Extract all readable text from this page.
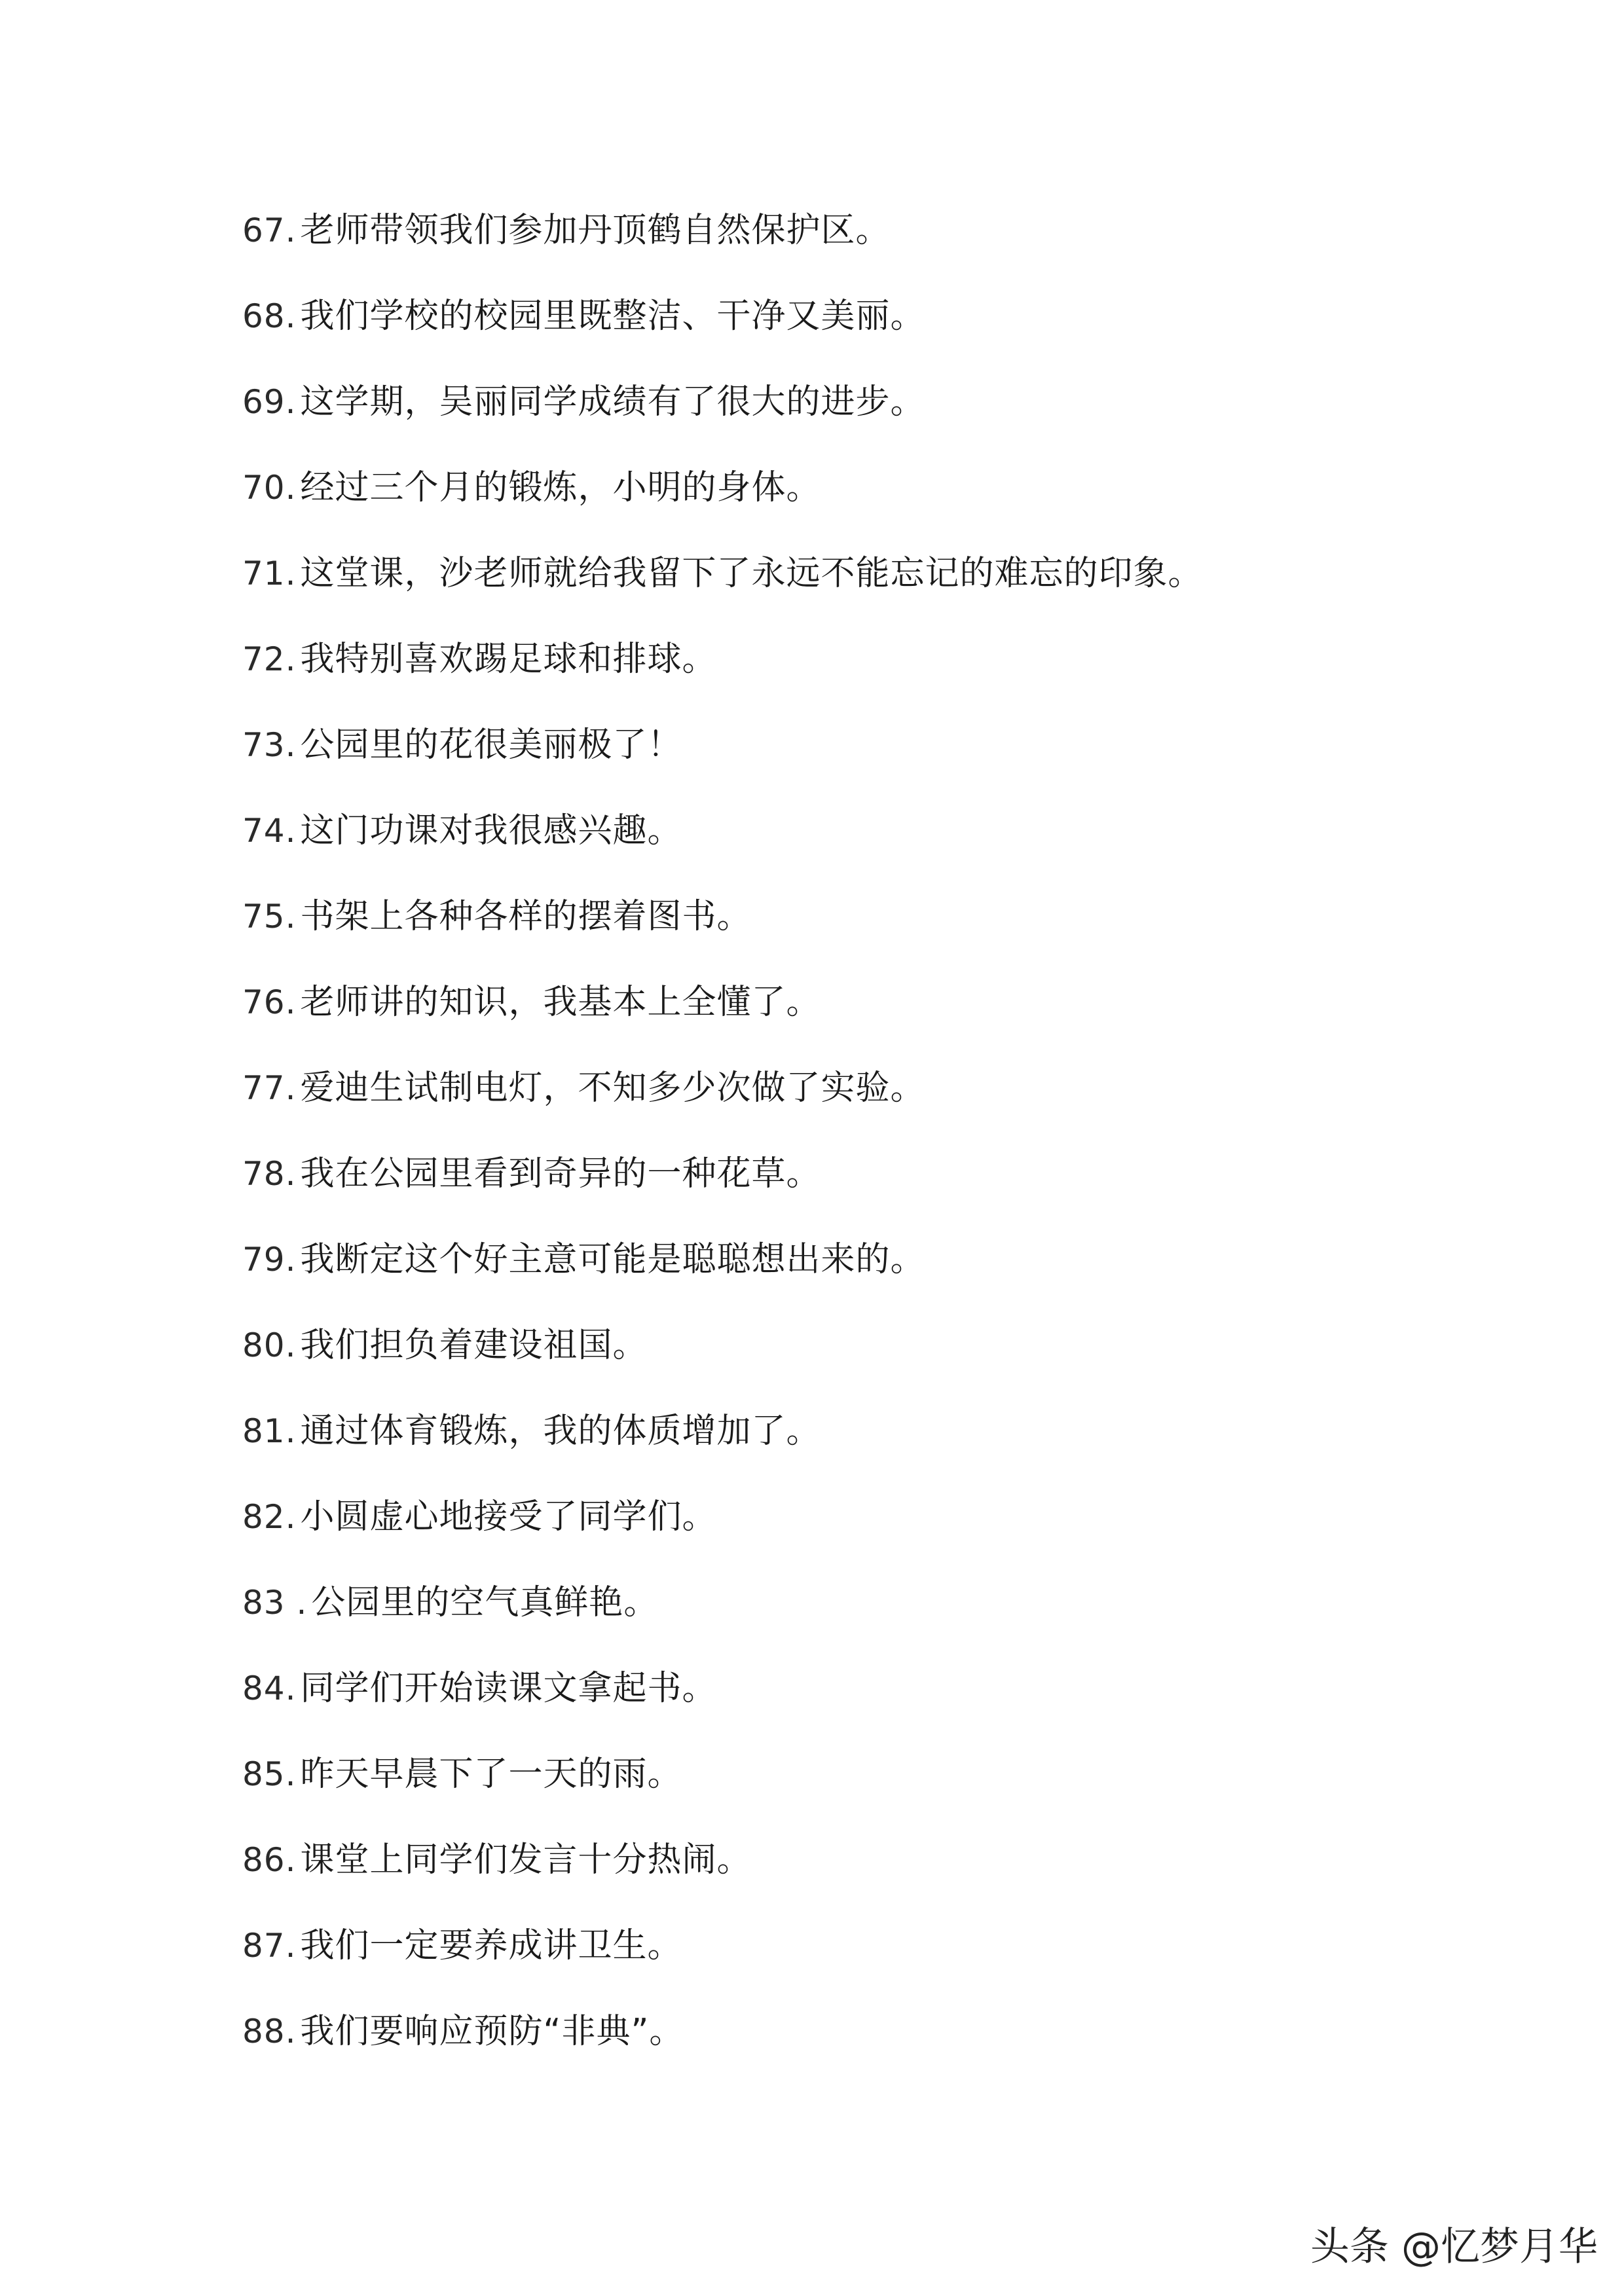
67. 老师带领我们参加丹顶鹤自然保护区。
68. 我们学校的校园里既整洁、干净又美丽。
69. 这学期，吴丽同学成绩有了很大的进步。
70. 经过三个月的锻炼，小明的身体。
71. 这堂课，沙老师就给我留下了永远不能忘记的难忘的印象。
72. 我特别喜欢踢足球和排球。
73. 公园里的花很美丽极了！
74. 这门功课对我很感兴趣。
75. 书架上各种各样的摆着图书。
76. 老师讲的知识，我基本上全懂了。
77. 爱迪生试制电灯，不知多少次做了实验。
78. 我在公园里看到奇异的一种花草。
79. 我断定这个好主意可能是聪聪想出来的。
80. 我们担负着建设祖国。
81. 通过体育锻炼，我的体质增加了。
82. 小圆虚心地接受了同学们。
83 . 公园里的空气真鲜艳。
84. 同学们开始读课文拿起书。
85. 昨天早晨下了一天的雨。
86. 课堂上同学们发言十分热闹。
87. 我们一定要养成讲卫生。
88. 我们要响应预防“非典”。
头条 @忆梦月华
